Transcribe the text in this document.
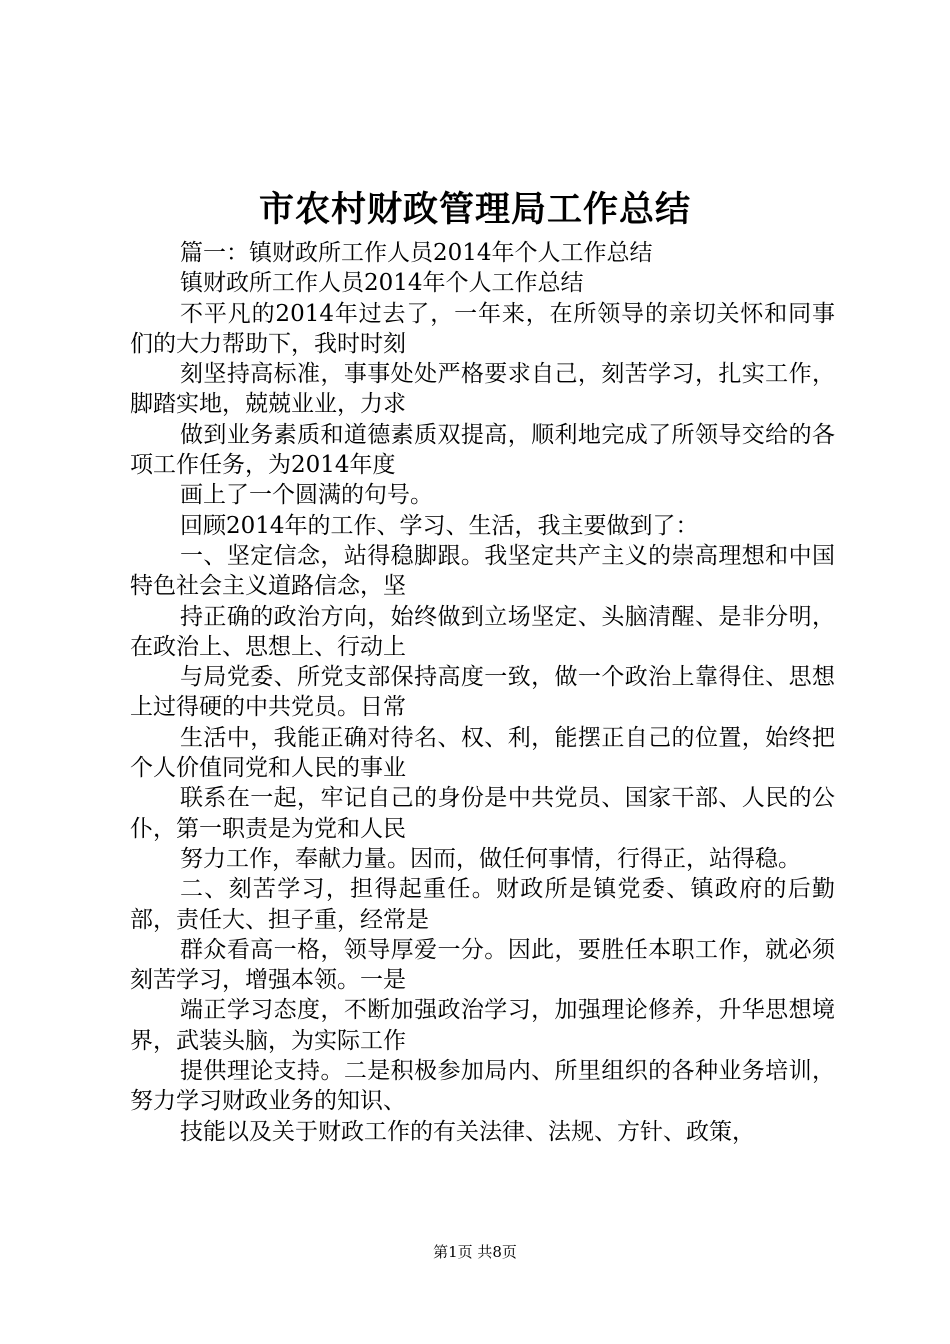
市农村财政管理局工作总结

篇一：镇财政所工作人员2014年个人工作总结

镇财政所工作人员2014年个人工作总结

不平凡的2014年过去了，一年来，在所领导的亲切关怀和同事们的大力帮助下，我时时刻

刻坚持高标准，事事处处严格要求自己，刻苦学习，扎实工作，脚踏实地，兢兢业业，力求

做到业务素质和道德素质双提高，顺利地完成了所领导交给的各项工作任务，为2014年度

画上了一个圆满的句号。

回顾2014年的工作、学习、生活，我主要做到了：

一、坚定信念，站得稳脚跟。我坚定共产主义的崇高理想和中国特色社会主义道路信念，坚

持正确的政治方向，始终做到立场坚定、头脑清醒、是非分明，在政治上、思想上、行动上

与局党委、所党支部保持高度一致，做一个政治上靠得住、思想上过得硬的中共党员。日常

生活中，我能正确对待名、权、利，能摆正自己的位置，始终把个人价值同党和人民的事业

联系在一起，牢记自己的身份是中共党员、国家干部、人民的公仆，第一职责是为党和人民

努力工作，奉献力量。因而，做任何事情，行得正，站得稳。

二、刻苦学习，担得起重任。财政所是镇党委、镇政府的后勤部，责任大、担子重，经常是

群众看高一格，领导厚爱一分。因此，要胜任本职工作，就必须刻苦学习，增强本领。一是

端正学习态度，不断加强政治学习，加强理论修养，升华思想境界，武装头脑，为实际工作

提供理论支持。二是积极参加局内、所里组织的各种业务培训，努力学习财政业务的知识、

技能以及关于财政工作的有关法律、法规、方针、政策，

第1页 共8页
